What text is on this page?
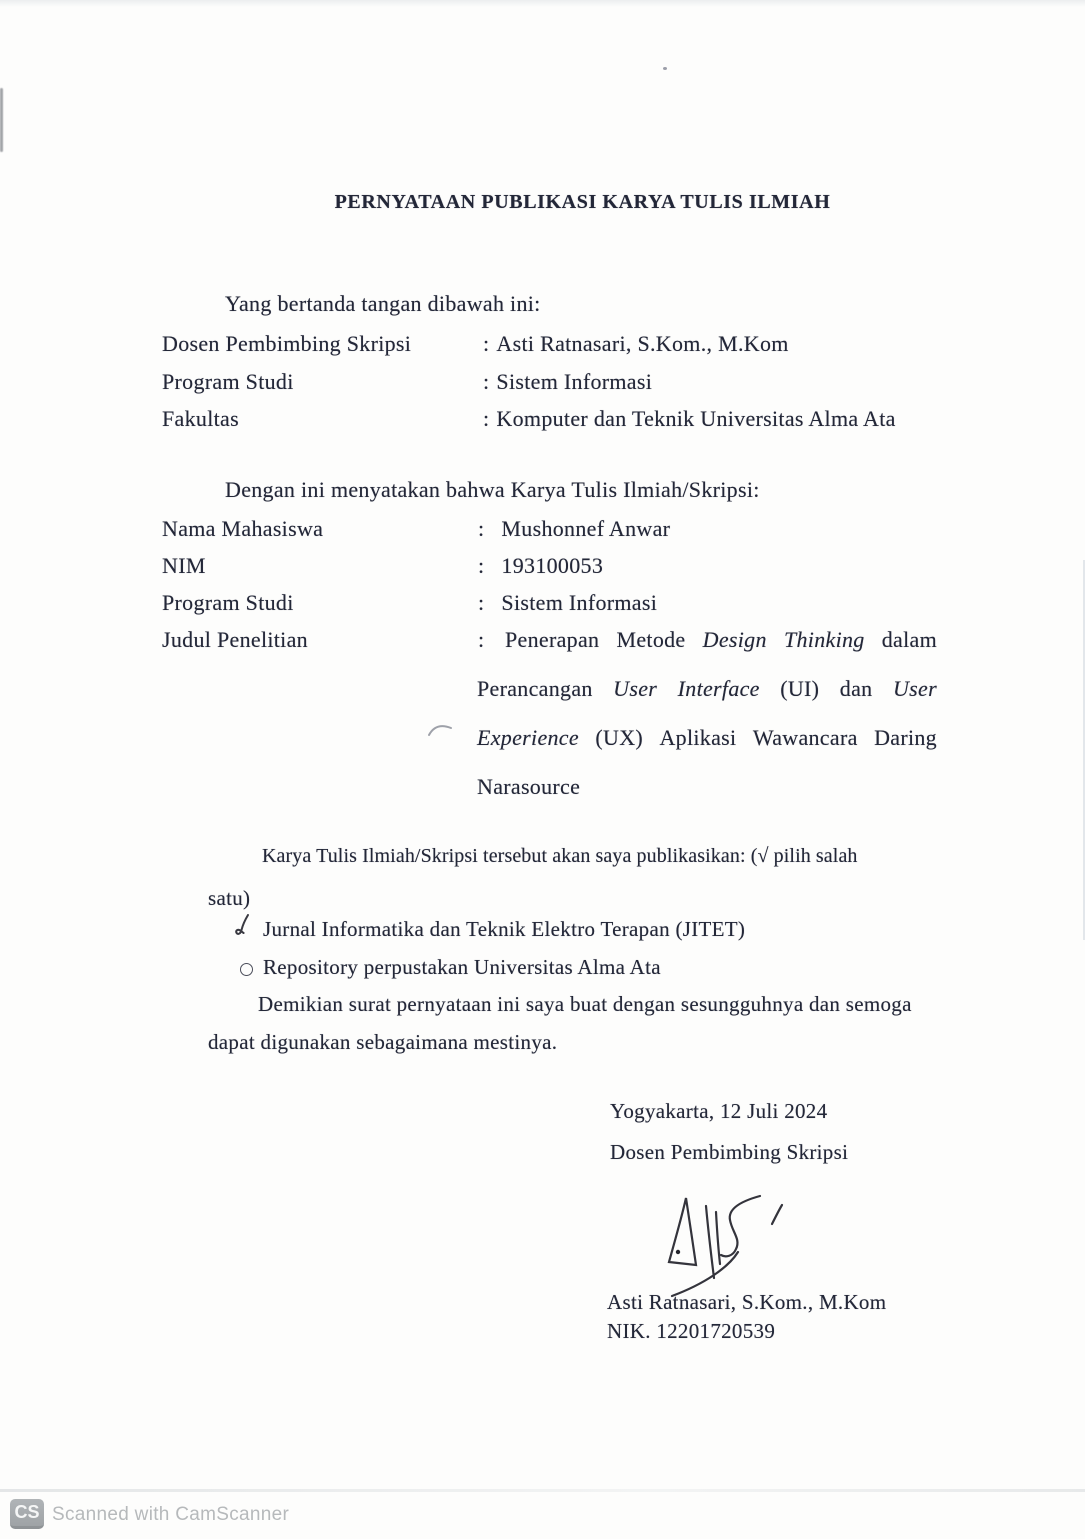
PERNYATAAN PUBLIKASI KARYA TULIS ILMIAH
Yang bertanda tangan dibawah ini:
Dosen Pembimbing Skripsi	: Asti Ratnasari, S.Kom., M.Kom
Program Studi	: Sistem Informasi
Fakultas	: Komputer dan Teknik Universitas Alma Ata
Dengan ini menyatakan bahwa Karya Tulis Ilmiah/Skripsi:
Nama Mahasiswa	: Mushonnef Anwar
NIM	: 193100053
Program Studi	: Sistem Informasi
Judul Penelitian	: Penerapan Metode Design Thinking dalam
Perancangan User Interface (UI) dan User
Experience (UX) Aplikasi Wawancara Daring
Narasource
Karya Tulis Ilmiah/Skripsi tersebut akan saya publikasikan: (√ pilih salah
satu)
Jurnal Informatika dan Teknik Elektro Terapan (JITET)
Repository perpustakan Universitas Alma Ata
Demikian surat pernyataan ini saya buat dengan sesungguhnya dan semoga
dapat digunakan sebagaimana mestinya.
Yogyakarta, 12 Juli 2024
Dosen Pembimbing Skripsi
Asti Ratnasari, S.Kom., M.Kom
NIK. 12201720539
CS Scanned with CamScanner
